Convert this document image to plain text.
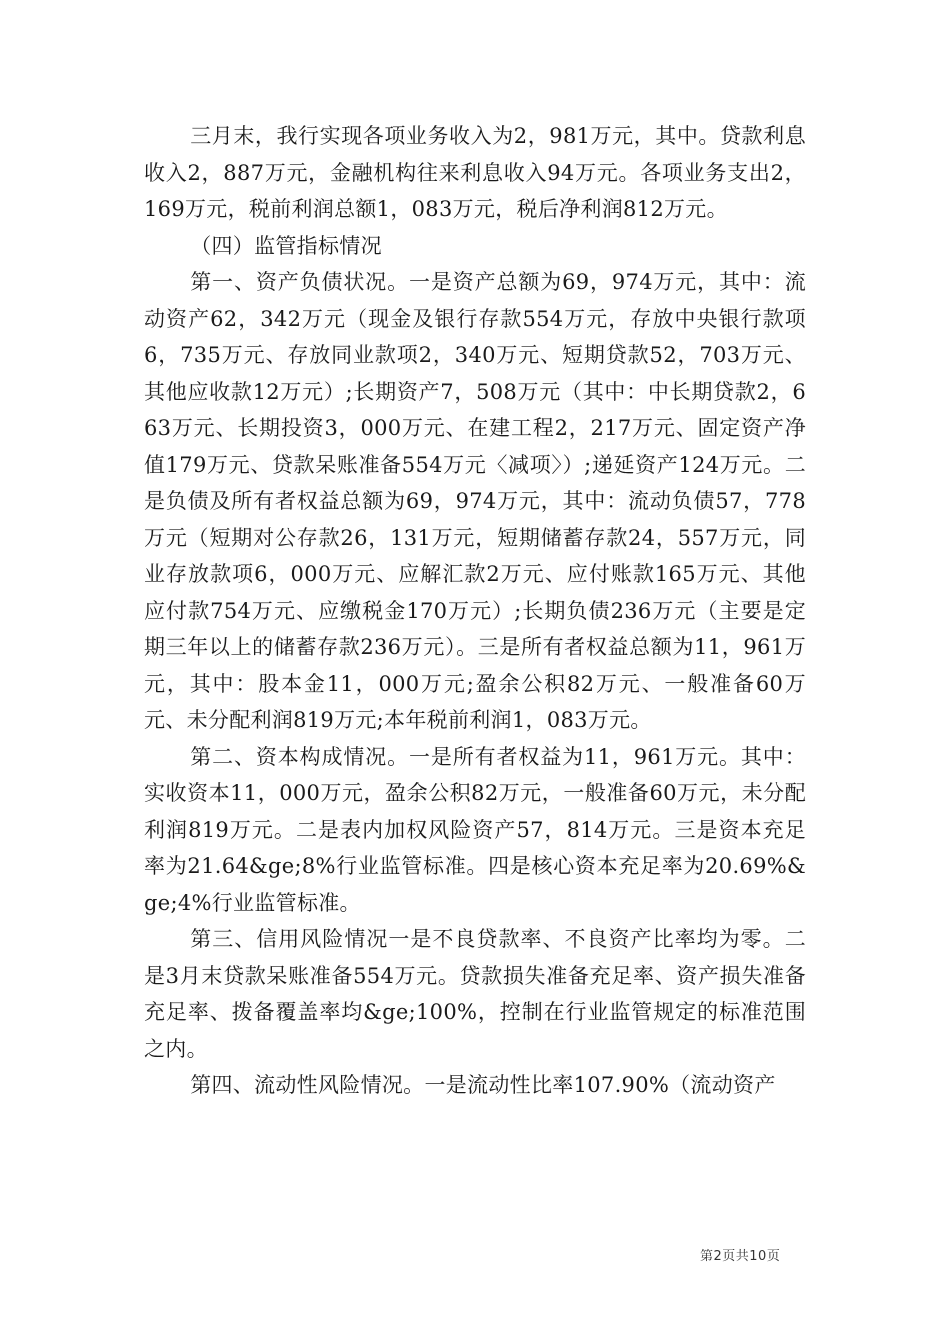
三月末，我行实现各项业务收入为2，981万元，其中。贷款利息收入2，887万元，金融机构往来利息收入94万元。各项业务支出2，169万元，税前利润总额1，083万元，税后净利润812万元。

（四）监管指标情况

第一、资产负债状况。一是资产总额为69，974万元，其中：流动资产62，342万元（现金及银行存款554万元，存放中央银行款项6，735万元、存放同业款项2，340万元、短期贷款52，703万元、其他应收款12万元）;长期资产7，508万元（其中：中长期贷款2，663万元、长期投资3，000万元、在建工程2，217万元、固定资产净值179万元、贷款呆账准备554万元〈减项〉）;递延资产124万元。二是负债及所有者权益总额为69，974万元，其中：流动负债57，778万元（短期对公存款26，131万元，短期储蓄存款24，557万元，同业存放款项6，000万元、应解汇款2万元、应付账款165万元、其他应付款754万元、应缴税金170万元）;长期负债236万元（主要是定期三年以上的储蓄存款236万元）。三是所有者权益总额为11，961万元，其中：股本金11，000万元;盈余公积82万元、一般准备60万元、未分配利润819万元;本年税前利润1，083万元。

第二、资本构成情况。一是所有者权益为11，961万元。其中：实收资本11，000万元，盈余公积82万元，一般准备60万元，未分配利润819万元。二是表内加权风险资产57，814万元。三是资本充足率为21.64&ge;8%行业监管标准。四是核心资本充足率为20.69%&ge;4%行业监管标准。

第三、信用风险情况一是不良贷款率、不良资产比率均为零。二是3月末贷款呆账准备554万元。贷款损失准备充足率、资产损失准备充足率、拨备覆盖率均&ge;100%，控制在行业监管规定的标准范围之内。

第四、流动性风险情况。一是流动性比率107.90%（流动资产

第2页共10页
